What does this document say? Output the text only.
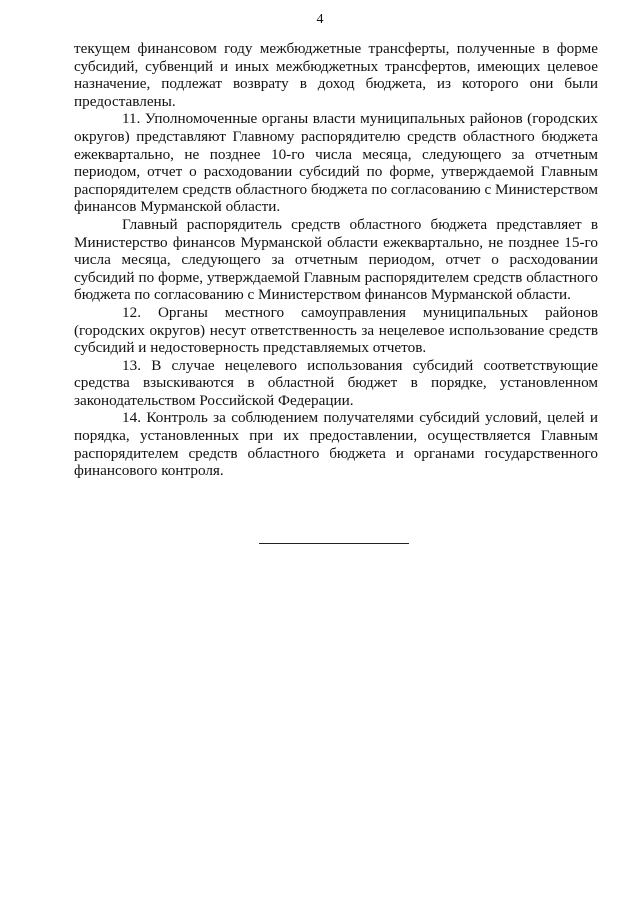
4

текущем финансовом году межбюджетные трансферты, полученные в форме субсидий, субвенций и иных межбюджетных трансфертов, имеющих целевое назначение, подлежат возврату в доход бюджета, из которого они были предоставлены.

11. Уполномоченные органы власти муниципальных районов (городских округов) представляют Главному распорядителю средств областного бюджета ежеквартально, не позднее 10-го числа месяца, следующего за отчетным периодом, отчет о расходовании субсидий по форме, утверждаемой Главным распорядителем средств областного бюджета по согласованию с Министерством финансов Мурманской области.

Главный распорядитель средств областного бюджета представляет в Министерство финансов Мурманской области ежеквартально, не позднее 15-го числа месяца, следующего за отчетным периодом, отчет о расходовании субсидий по форме, утверждаемой Главным распорядителем средств областного бюджета по согласованию с Министерством финансов Мурманской области.

12. Органы местного самоуправления муниципальных районов (городских округов) несут ответственность за нецелевое использование средств субсидий и недостоверность представляемых отчетов.

13. В случае нецелевого использования субсидий соответствующие средства взыскиваются в областной бюджет в порядке, установленном законодательством Российской Федерации.

14. Контроль за соблюдением получателями субсидий условий, целей и порядка, установленных при их предоставлении, осуществляется Главным распорядителем средств областного бюджета и органами государственного финансового контроля.
